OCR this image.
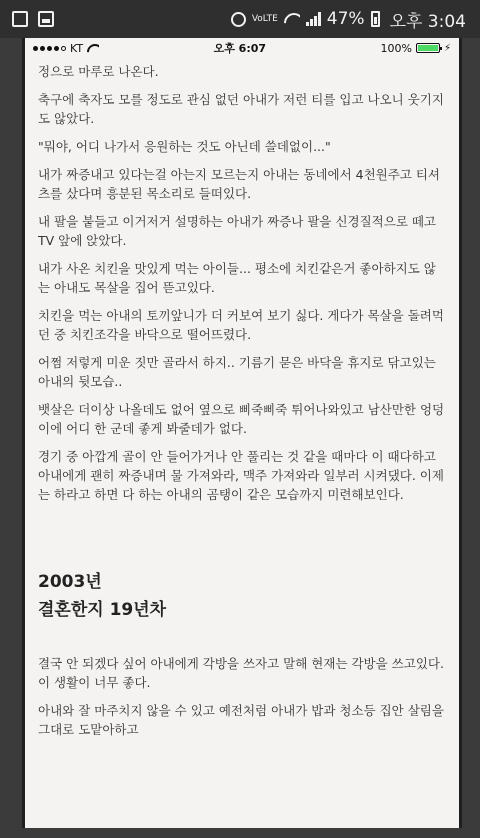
VoLTE	47% 오후 3:04
KT	오후 6:07	100%	⚡

정으로 마루로 나온다.

축구에 축자도 모를 정도로 관심 없던 아내가 저런 티를 입고 나오니 웃기지도 않았다.

"뭐야, 어디 나가서 응원하는 것도 아닌데 쓸데없이..."

내가 짜증내고 있다는걸 아는지 모르는지 아내는 동네에서 4천원주고 티셔츠를 샀다며 흥분된 목소리로 들떠있다.

내 팔을 붙들고 이거저거 설명하는 아내가 짜증나 팔을 신경질적으로 떼고 TV 앞에 앉았다.

내가 사온 치킨을 맛있게 먹는 아이들... 평소에 치킨같은거 좋아하지도 않는 아내도 목살을 집어 뜯고있다.

치킨을 먹는 아내의 토끼앞니가 더 커보여 보기 싫다. 게다가 목살을 돌려먹던 중 치킨조각을 바닥으로 떨어뜨렸다.

어쩜 저렇게 미운 짓만 골라서 하지.. 기름기 묻은 바닥을 휴지로 닦고있는 아내의 뒷모습..

뱃살은 더이상 나올데도 없어 옆으로 삐죽삐죽 튀어나와있고 남산만한 엉덩이에 어디 한 군데 좋게 봐줄데가 없다.

경기 중 아깝게 골이 안 들어가거나 안 풀리는 것 같을 때마다 이 때다하고 아내에게 괜히 짜증내며 물 가져와라, 맥주 가져와라 일부러 시켜댔다. 이제는 하라고 하면 다 하는 아내의 곰탱이 같은 모습까지 미련해보인다.

2003년
결혼한지 19년차

결국 안 되겠다 싶어 아내에게 각방을 쓰자고 말해 현재는 각방을 쓰고있다. 이 생활이 너무 좋다.

아내와 잘 마주치지 않을 수 있고 예전처럼 아내가 밥과 청소등 집안 살림을 그대로 도맡아하고
